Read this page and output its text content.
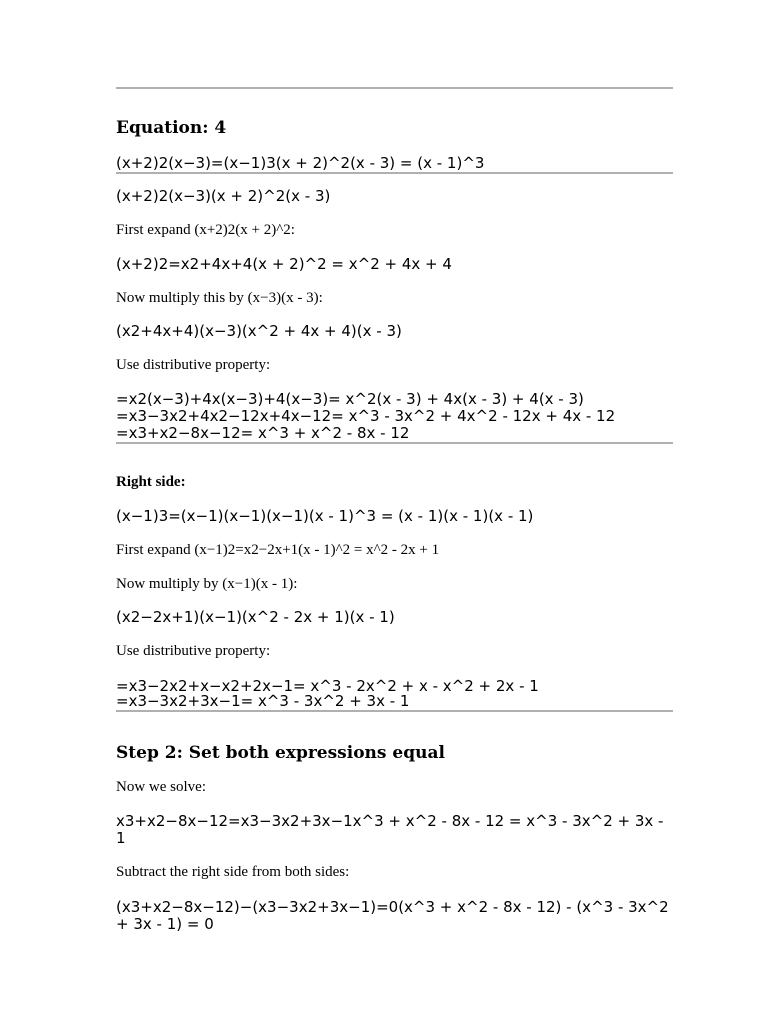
Equation: 4
(x+2)2(x−3)=(x−1)3(x + 2)^2(x - 3) = (x - 1)^3
(x+2)2(x−3)(x + 2)^2(x - 3)
First expand (x+2)2(x + 2)^2:
(x+2)2=x2+4x+4(x + 2)^2 = x^2 + 4x + 4
Now multiply this by (x−3)(x - 3):
(x2+4x+4)(x−3)(x^2 + 4x + 4)(x - 3)
Use distributive property:
=x2(x−3)+4x(x−3)+4(x−3)= x^2(x - 3) + 4x(x - 3) + 4(x - 3)
=x3−3x2+4x2−12x+4x−12= x^3 - 3x^2 + 4x^2 - 12x + 4x - 12
=x3+x2−8x−12= x^3 + x^2 - 8x - 12
Right side:
(x−1)3=(x−1)(x−1)(x−1)(x - 1)^3 = (x - 1)(x - 1)(x - 1)
First expand (x−1)2=x2−2x+1(x - 1)^2 = x^2 - 2x + 1
Now multiply by (x−1)(x - 1):
(x2−2x+1)(x−1)(x^2 - 2x + 1)(x - 1)
Use distributive property:
=x3−2x2+x−x2+2x−1= x^3 - 2x^2 + x - x^2 + 2x - 1
=x3−3x2+3x−1= x^3 - 3x^2 + 3x - 1
Step 2: Set both expressions equal
Now we solve:
x3+x2−8x−12=x3−3x2+3x−1x^3 + x^2 - 8x - 12 = x^3 - 3x^2 + 3x - 1
Subtract the right side from both sides:
(x3+x2−8x−12)−(x3−3x2+3x−1)=0(x^3 + x^2 - 8x - 12) - (x^3 - 3x^2 + 3x - 1) = 0
